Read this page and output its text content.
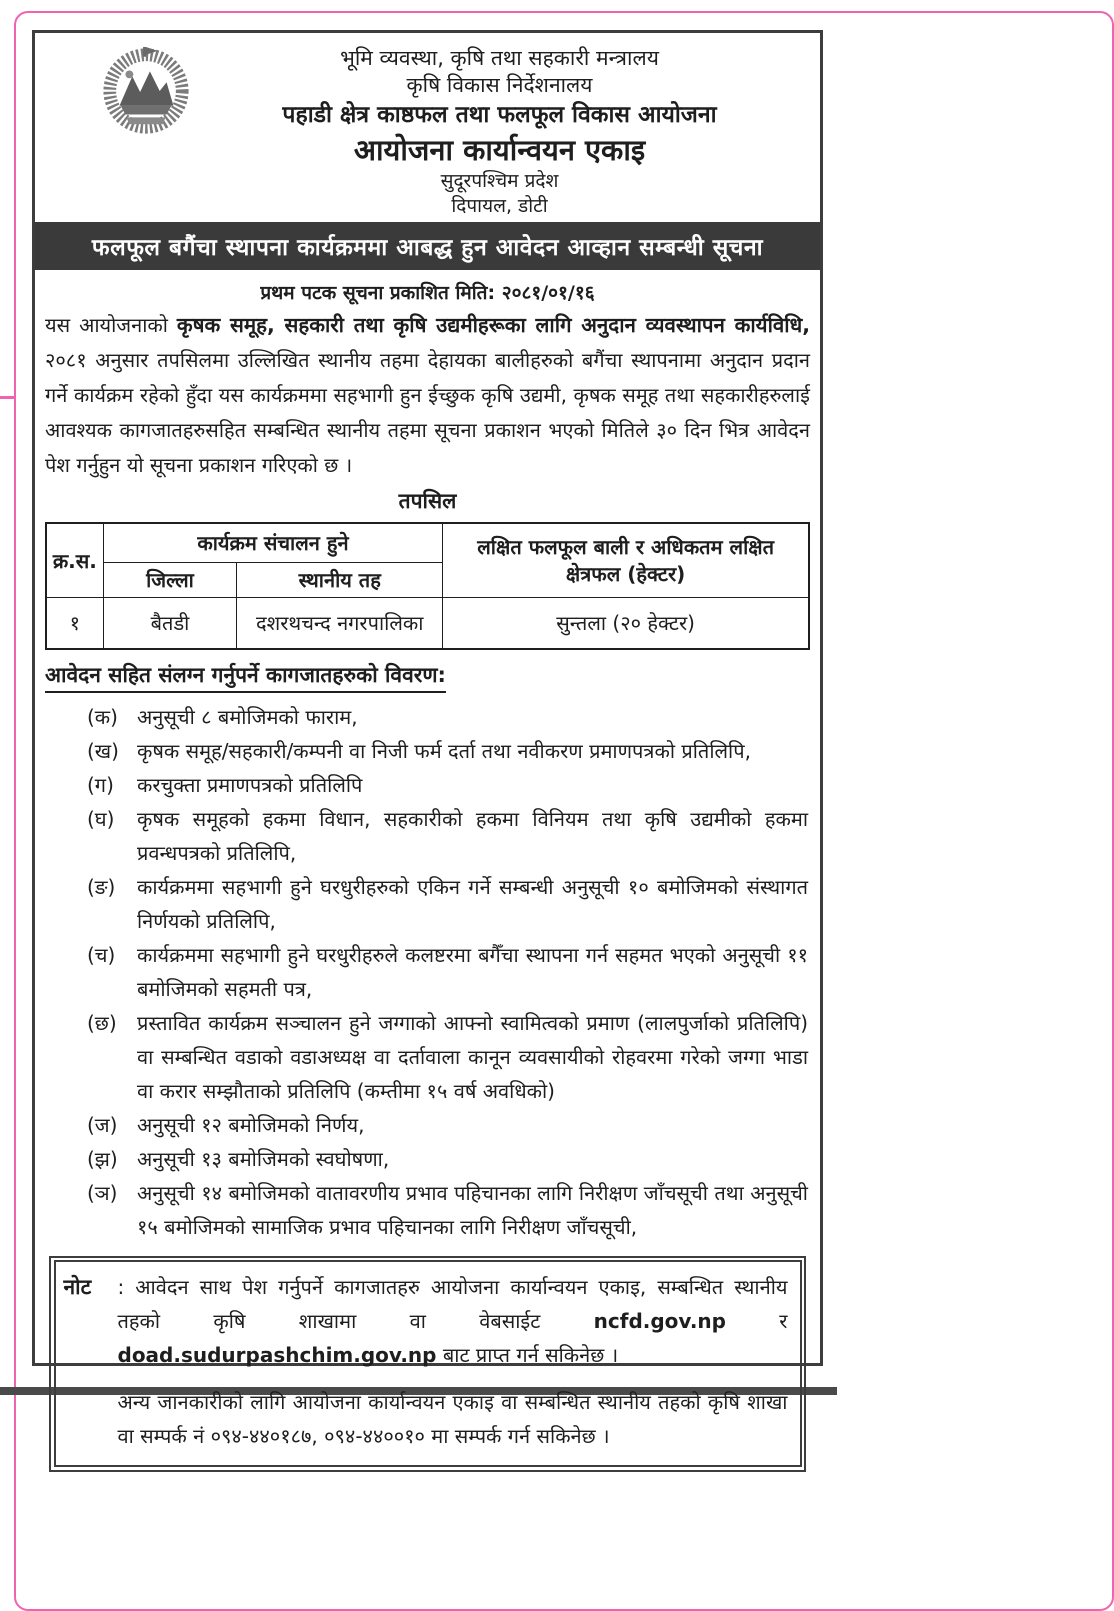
भूमि व्यवस्था, कृषि तथा सहकारी मन्त्रालय
कृषि विकास निर्देशनालय
पहाडी क्षेत्र काष्ठफल तथा फलफूल विकास आयोजना
आयोजना कार्यान्वयन एकाइ
सुदूरपश्चिम प्रदेश
दिपायल, डोटी
फलफूल बगैंचा स्थापना कार्यक्रममा आबद्ध हुन आवेदन आव्हान सम्बन्धी सूचना
प्रथम पटक सूचना प्रकाशित मिति: २०८१/०१/१६
यस आयोजनाको कृषक समूह, सहकारी तथा कृषि उद्यमीहरूका लागि अनुदान व्यवस्थापन कार्यविधि, २०८१ अनुसार तपसिलमा उल्लिखित स्थानीय तहमा देहायका बालीहरुको बगैंचा स्थापनामा अनुदान प्रदान गर्ने कार्यक्रम रहेको हुँदा यस कार्यक्रममा सहभागी हुन ईच्छुक कृषि उद्यमी, कृषक समूह तथा सहकारीहरुलाई आवश्यक कागजातहरुसहित सम्बन्धित स्थानीय तहमा सूचना प्रकाशन भएको मितिले ३० दिन भित्र आवेदन पेश गर्नुहुन यो सूचना प्रकाशन गरिएको छ ।
तपसिल
क्र.स.	कार्यक्रम संचालन हुने		लक्षित फलफूल बाली र अधिकतम लक्षित क्षेत्रफल (हेक्टर)
	जिल्ला	स्थानीय तह	
१	बैतडी	दशरथचन्द नगरपालिका	सुन्तला (२० हेक्टर)
आवेदन सहित संलग्न गर्नुपर्ने कागजातहरुको विवरण:
(क) अनुसूची ८ बमोजिमको फाराम,
(ख) कृषक समूह/सहकारी/कम्पनी वा निजी फर्म दर्ता तथा नवीकरण प्रमाणपत्रको प्रतिलिपि,
(ग)	करचुक्ता प्रमाणपत्रको प्रतिलिपि
(घ)	कृषक समूहको हकमा विधान, सहकारीको हकमा विनियम तथा कृषि उद्यमीको हकमा प्रवन्धपत्रको प्रतिलिपि,
(ङ)	कार्यक्रममा सहभागी हुने घरधुरीहरुको एकिन गर्ने सम्बन्धी अनुसूची १० बमोजिमको संस्थागत निर्णयको प्रतिलिपि,
(च)	कार्यक्रममा सहभागी हुने घरधुरीहरुले कलष्टरमा बगैँचा स्थापना गर्न सहमत भएको अनुसूची ११ बमोजिमको सहमती पत्र,
(छ)	प्रस्तावित कार्यक्रम सञ्चालन हुने जग्गाको आफ्नो स्वामित्वको प्रमाण (लालपुर्जाको प्रतिलिपि) वा सम्बन्धित वडाको वडाअध्यक्ष वा दर्तावाला कानून व्यवसायीको रोहवरमा गरेको जग्गा भाडा वा करार सम्झौताको प्रतिलिपि (कम्तीमा १५ वर्ष अवधिको)
(ज) अनुसूची १२ बमोजिमको निर्णय,
(झ) अनुसूची १३ बमोजिमको स्वघोषणा,
(ञ) अनुसूची १४ बमोजिमको वातावरणीय प्रभाव पहिचानका लागि निरीक्षण जाँचसूची तथा अनुसूची १५ बमोजिमको सामाजिक प्रभाव पहिचानका लागि निरीक्षण जाँचसूची,
नोट	: आवेदन साथ पेश गर्नुपर्ने कागजातहरु आयोजना कार्यान्वयन एकाइ, सम्बन्धित स्थानीय तहको कृषि शाखामा वा वेबसाईट ncfd.gov.np र doad.sudurpashchim.gov.np बाट प्राप्त गर्न सकिनेछ ।
अन्य जानकारीको लागि आयोजना कार्यान्वयन एकाइ वा सम्बन्धित स्थानीय तहको कृषि शाखा वा सम्पर्क नं ०९४-४४०१८७, ०९४-४४००१० मा सम्पर्क गर्न सकिनेछ ।
